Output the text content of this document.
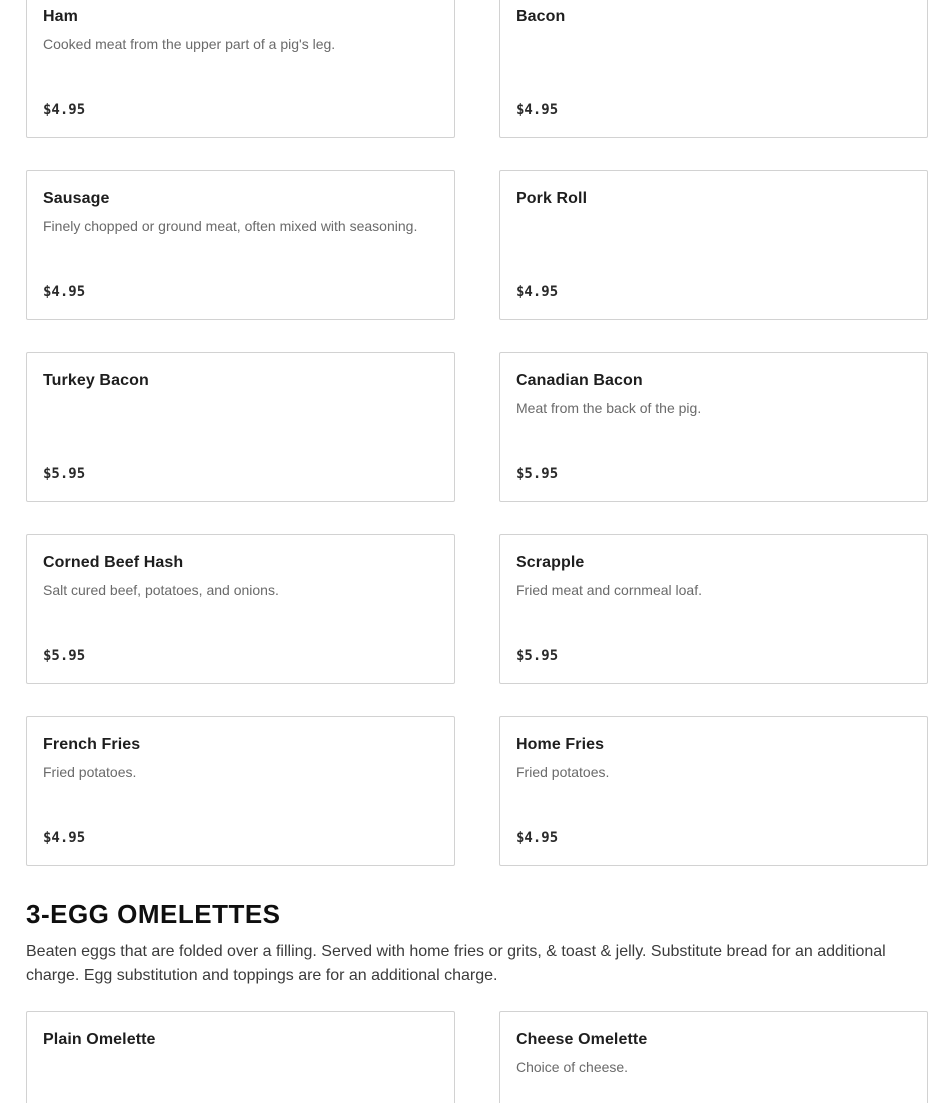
Ham
Cooked meat from the upper part of a pig's leg.
$4.95
Bacon
$4.95
Sausage
Finely chopped or ground meat, often mixed with seasoning.
$4.95
Pork Roll
$4.95
Turkey Bacon
$5.95
Canadian Bacon
Meat from the back of the pig.
$5.95
Corned Beef Hash
Salt cured beef, potatoes, and onions.
$5.95
Scrapple
Fried meat and cornmeal loaf.
$5.95
French Fries
Fried potatoes.
$4.95
Home Fries
Fried potatoes.
$4.95
3-EGG OMELETTES

Beaten eggs that are folded over a filling. Served with home fries or grits, & toast & jelly. Substitute bread for an additional charge. Egg substitution and toppings are for an additional charge.

Plain Omelette	Cheese Omelette
Choice of cheese.
